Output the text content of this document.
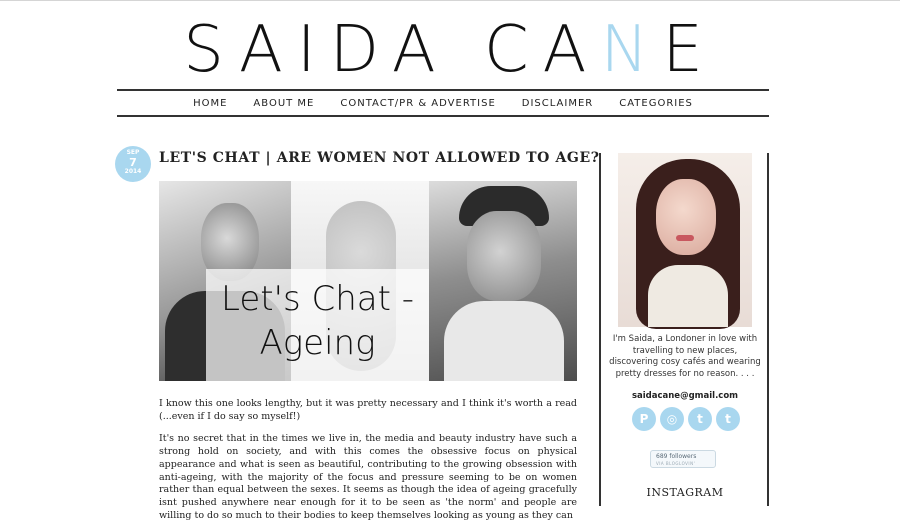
SAIDA CANE
HOME	ABOUT ME	CONTACT/PR & ADVERTISE	DISCLAIMER	CATEGORIES
SEP
7
2014
LET'S CHAT | ARE WOMEN NOT ALLOWED TO AGE?
Let's Chat -
Ageing

I know this one looks lengthy, but it was pretty necessary and I think it's worth a read (...even if I do say so myself!)

It's no secret that in the times we live in, the media and beauty industry have such a strong hold on society, and with this comes the obsessive focus on physical appearance and what is seen as beautiful, contributing to the growing obsession with anti-ageing, with the majority of the focus and pressure seeming to be on women rather than equal between the sexes. It seems as though the idea of ageing gracefully isnt pushed anywhere near enough for it to be seen as 'the norm' and people are willing to do so much to their bodies to keep themselves looking as young as they can

I'm Saida, a Londoner in love with travelling to new places, discovering cosy cafés and wearing pretty dresses for no reason. . . .
saidacane@gmail.com
P	◎	t	t
689 followers
VIA BLOGLOVIN'
INSTAGRAM
